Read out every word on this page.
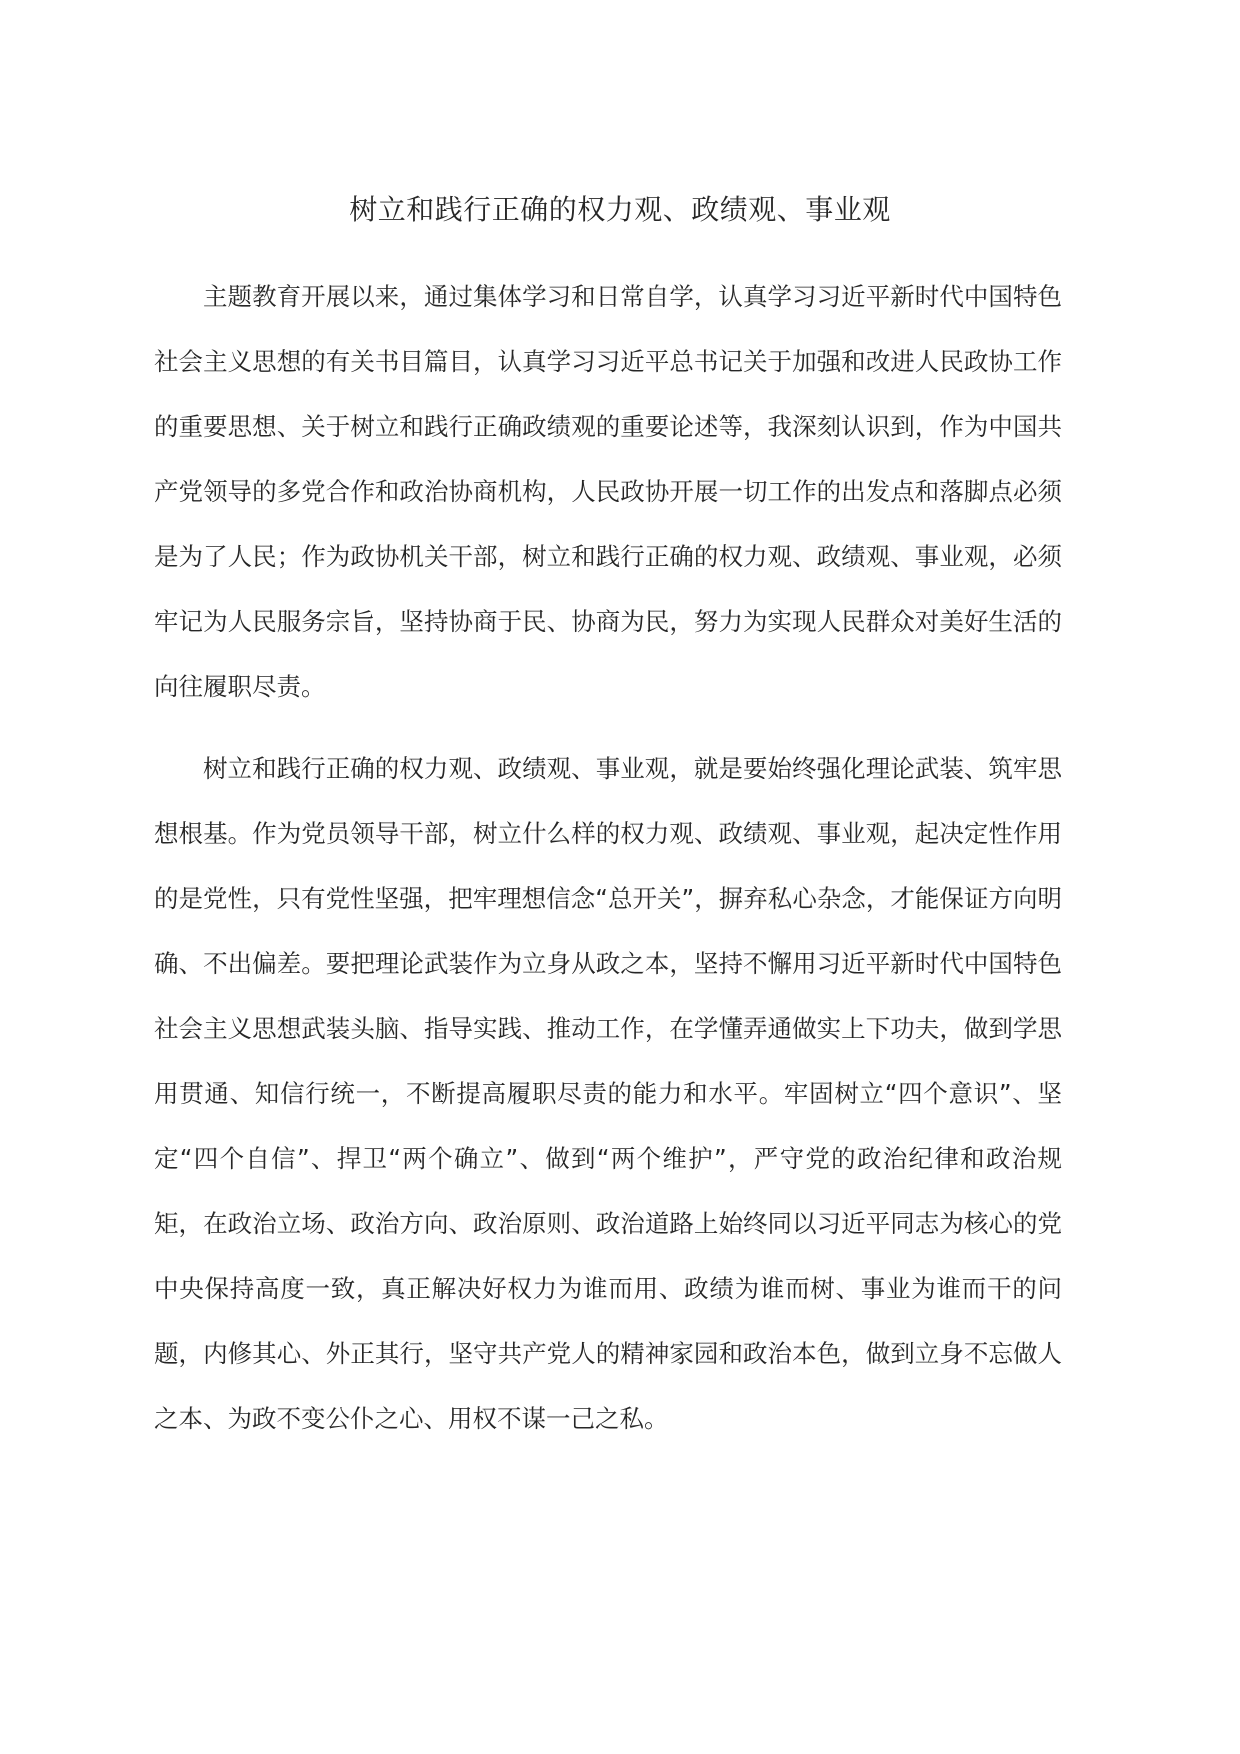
树立和践行正确的权力观、政绩观、事业观

主题教育开展以来，通过集体学习和日常自学，认真学习习近平新时代中国特色社会主义思想的有关书目篇目，认真学习习近平总书记关于加强和改进人民政协工作的重要思想、关于树立和践行正确政绩观的重要论述等，我深刻认识到，作为中国共产党领导的多党合作和政治协商机构，人民政协开展一切工作的出发点和落脚点必须是为了人民；作为政协机关干部，树立和践行正确的权力观、政绩观、事业观，必须牢记为人民服务宗旨，坚持协商于民、协商为民，努力为实现人民群众对美好生活的向往履职尽责。

树立和践行正确的权力观、政绩观、事业观，就是要始终强化理论武装、筑牢思想根基。作为党员领导干部，树立什么样的权力观、政绩观、事业观，起决定性作用的是党性，只有党性坚强，把牢理想信念“总开关”，摒弃私心杂念，才能保证方向明确、不出偏差。要把理论武装作为立身从政之本，坚持不懈用习近平新时代中国特色社会主义思想武装头脑、指导实践、推动工作，在学懂弄通做实上下功夫，做到学思用贯通、知信行统一，不断提高履职尽责的能力和水平。牢固树立“四个意识”、坚定“四个自信”、捍卫“两个确立”、做到“两个维护”，严守党的政治纪律和政治规矩，在政治立场、政治方向、政治原则、政治道路上始终同以习近平同志为核心的党中央保持高度一致，真正解决好权力为谁而用、政绩为谁而树、事业为谁而干的问题，内修其心、外正其行，坚守共产党人的精神家园和政治本色，做到立身不忘做人之本、为政不变公仆之心、用权不谋一己之私。
